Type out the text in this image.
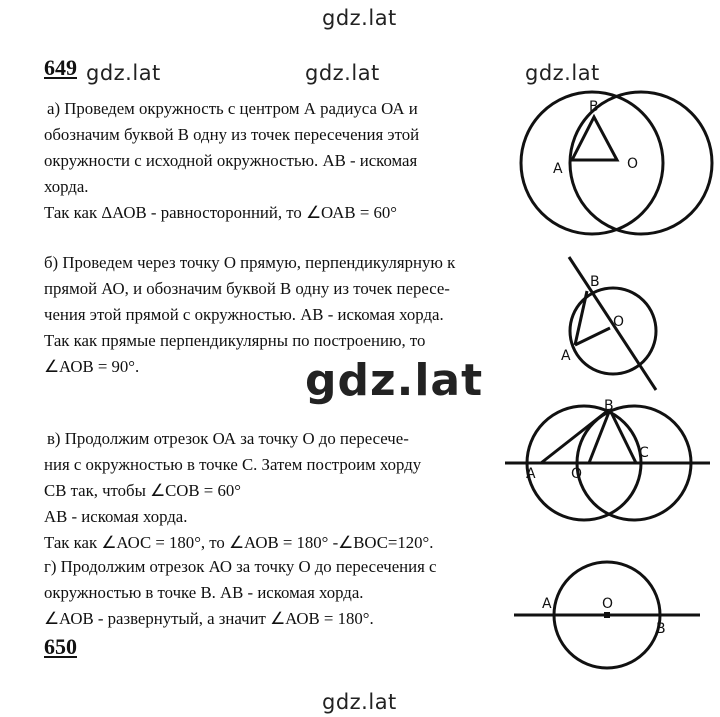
gdz.lat
gdz.lat	gdz.lat	gdz.lat
gdz.lat
gdz.lat
649
650
а) Проведем окружность с центром А радиуса ОА и
обозначим буквой В одну из точек пересечения этой
окружности с исходной окружностью. АВ - искомая
хорда.
Так как ΔАОВ - равносторонний, то ∠ОАВ = 60°
б) Проведем через точку О прямую, перпендикулярную к
прямой АО, и обозначим буквой В одну из точек пересе-
чения этой прямой с окружностью. АВ - искомая хорда.
Так как прямые перпендикулярны по построению, то
∠АОВ = 90°.
в) Продолжим отрезок ОА за точку О до пересече-
ния с окружностью в точке С. Затем построим хорду
СВ так, чтобы ∠СОВ = 60°
АВ - искомая хорда.
Так как ∠АОС = 180°, то ∠АОВ = 180° -∠ВОС=120°.
г) Продолжим отрезок АО за точку О до пересечения с
окружностью в точке В. АВ - искомая хорда.
∠АОВ - развернутый, а значит ∠АОВ = 180°.
B
A	O
B
O
A
B
A	O
C
A	O
B
